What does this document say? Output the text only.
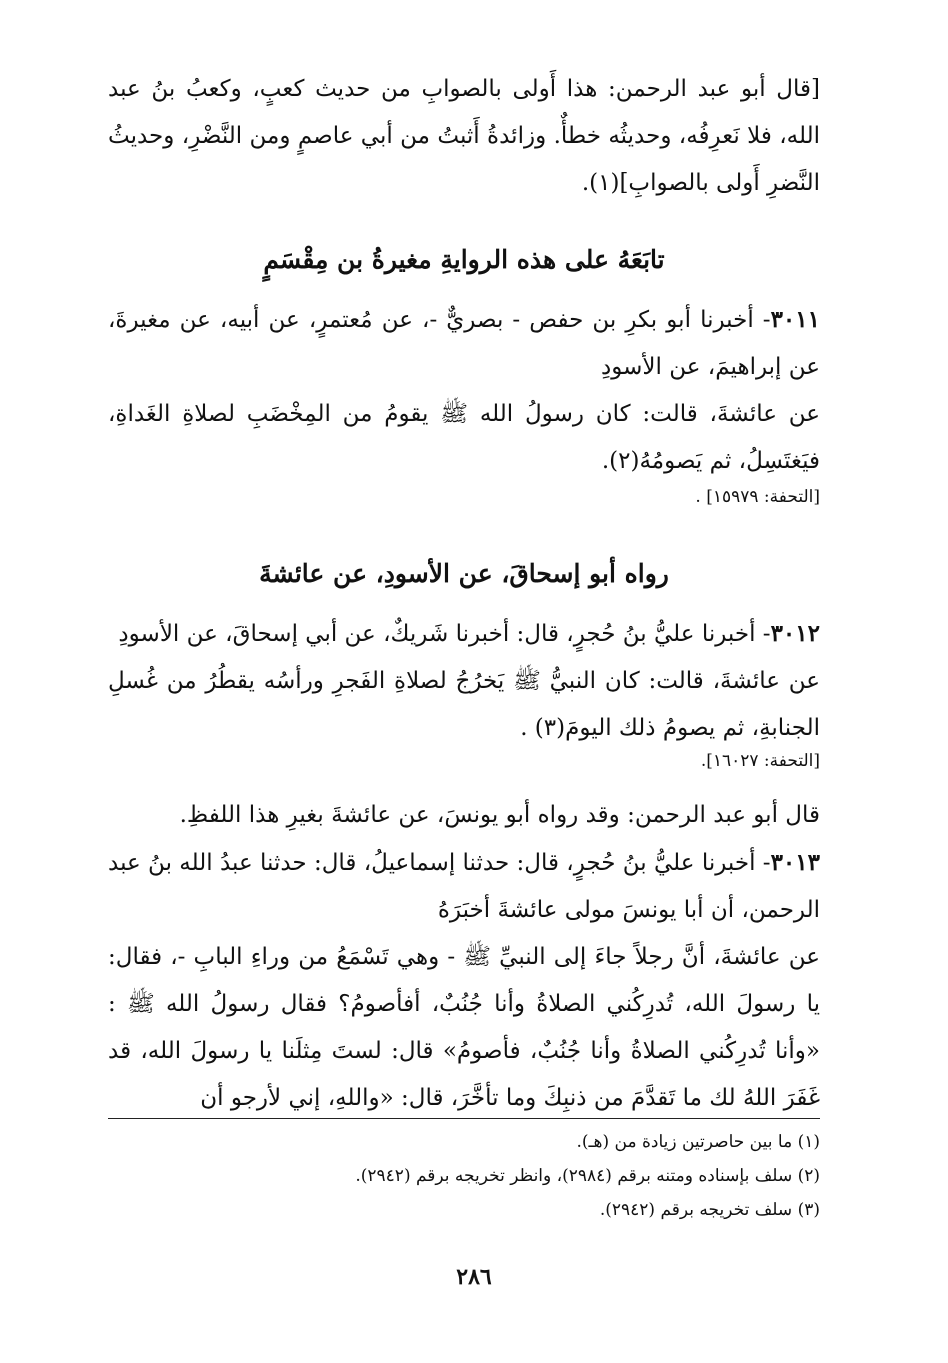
[قال أبو عبد الرحمن: هذا أَولى بالصوابِ من حديث كعبٍ، وكعبُ بنُ عبد الله، فلا نَعرِفُه، وحديثُه خطأٌ. وزائدةُ أَثبتُ من أبي عاصمٍ ومن النَّضْرِ، وحديثُ النَّضرِ أَولى بالصوابِ](١).

تابَعَهُ على هذه الروايةِ مغيرةُ بن مِقْسَمٍ

٣٠١١- أخبرنا أبو بكرِ بن حفص - بصريٌّ -، عن مُعتمرٍ، عن أبيه، عن مغيرةَ، عن إبراهيمَ، عن الأسودِ

عن عائشةَ، قالت: كان رسولُ الله ﷺ يقومُ من المِخْضَبِ لصلاةِ الغَداةِ، فيَغتَسِلُ، ثم يَصومُهُ(٢).

[التحفة: ١٥٩٧٩] .

رواه أبو إسحاقَ، عن الأسودِ، عن عائشةَ

٣٠١٢- أخبرنا عليُّ بنُ حُجرٍ، قال: أخبرنا شَريكٌ، عن أبي إسحاقَ، عن الأسودِ

عن عائشةَ، قالت: كان النبيُّ ﷺ يَخرُجُ لصلاةِ الفَجرِ ورأسُه يقطُرُ من غُسلِ الجنابةِ، ثم يصومُ ذلك اليومَ(٣) .

[التحفة: ١٦٠٢٧].

قال أبو عبد الرحمن: وقد رواه أبو يونسَ، عن عائشةَ بغيرِ هذا اللفظِ.

٣٠١٣- أخبرنا عليُّ بنُ حُجرٍ، قال: حدثنا إسماعيلُ، قال: حدثنا عبدُ الله بنُ عبد الرحمن، أن أبا يونسَ مولى عائشةَ أخبَرَهُ

عن عائشةَ، أنَّ رجلاً جاءَ إلى النبيِّ ﷺ - وهي تَسْمَعُ من وراءِ البابِ -، فقال: يا رسولَ الله، تُدرِكُني الصلاةُ وأنا جُنُبٌ، أفأصومُ؟ فقال رسولُ الله ﷺ : «وأنا تُدرِكُني الصلاةُ وأنا جُنُبٌ، فأصومُ» قال: لستَ مِثلَنا يا رسولَ الله، قد غَفَرَ اللهُ لك ما تَقدَّمَ من ذنبِكَ وما تأخَّرَ، قال: «واللهِ، إني لأرجو أن

(١) ما بين حاصرتين زيادة من (هـ).

(٢) سلف بإسناده ومتنه برقم (٢٩٨٤)، وانظر تخريجه برقم (٢٩٤٢).

(٣) سلف تخريجه برقم (٢٩٤٢).

٢٨٦
